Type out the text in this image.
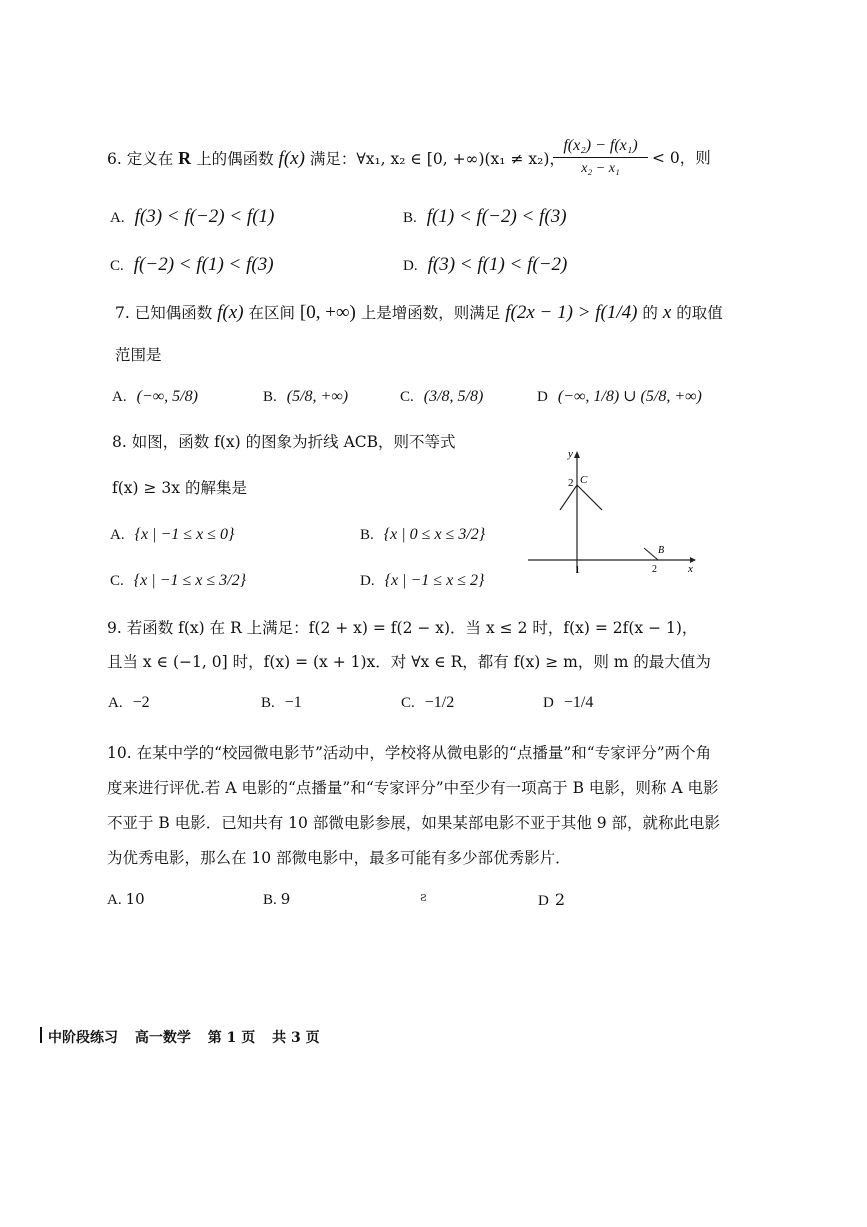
6. 定义在 R 上的偶函数 f(x) 满足：∀x₁, x₂ ∈ [0, +∞)(x₁ ≠ x₂)，
$\frac{\text{f(x₂) − f(x₁)}}{\text{x₂ − x₁}} < 0$，则
A. f(3) < f(−2) < f(1)	B. f(1) < f(−2) < f(3)
C. f(−2) < f(1) < f(3)	D. f(3) < f(1) < f(−2)
7. 已知偶函数 f(x) 在区间 [0, +∞) 上是增函数，则满足 f(2x − 1) > f(1/4) 的 x 的取值
范围是
A. (−∞, 5/8)	B. (5/8, +∞)	C. (3/8, 5/8)	D (−∞, 1/8) ∪ (5/8, +∞)
8. 如图，函数 f(x) 的图象为折线 ACB，则不等式
f(x) ≥ 3x 的解集是
A. {x | −1 ≤ x ≤ 0}	B. {x | 0 ≤ x ≤ 3/2}
C. {x | −1 ≤ x ≤ 3/2}	D. {x | −1 ≤ x ≤ 2}
y
x
C
2
1	2
B
9. 若函数 f(x) 在 R 上满足：f(2 + x) = f(2 − x)．当 x ≤ 2 时，f(x) = 2f(x − 1)，
且当 x ∈ (−1, 0] 时，f(x) = (x + 1)x．对 ∀x ∈ R，都有 f(x) ≥ m，则 m 的最大值为
A. −2	B. −1	C. −1/2	D −1/4
10. 在某中学的“校园微电影节”活动中，学校将从微电影的“点播量”和“专家评分”两个角
度来进行评优.若 A 电影的“点播量”和“专家评分”中至少有一项高于 B 电影，则称 A 电影
不亚于 B 电影．已知共有 10 部微电影参展，如果某部电影不亚于其他 9 部，就称此电影
为优秀电影，那么在 10 部微电影中，最多可能有多少部优秀影片．
A. 10	B. 9	ƨ	D 2
中阶段练习 高一数学 第 1 页 共 3 页
